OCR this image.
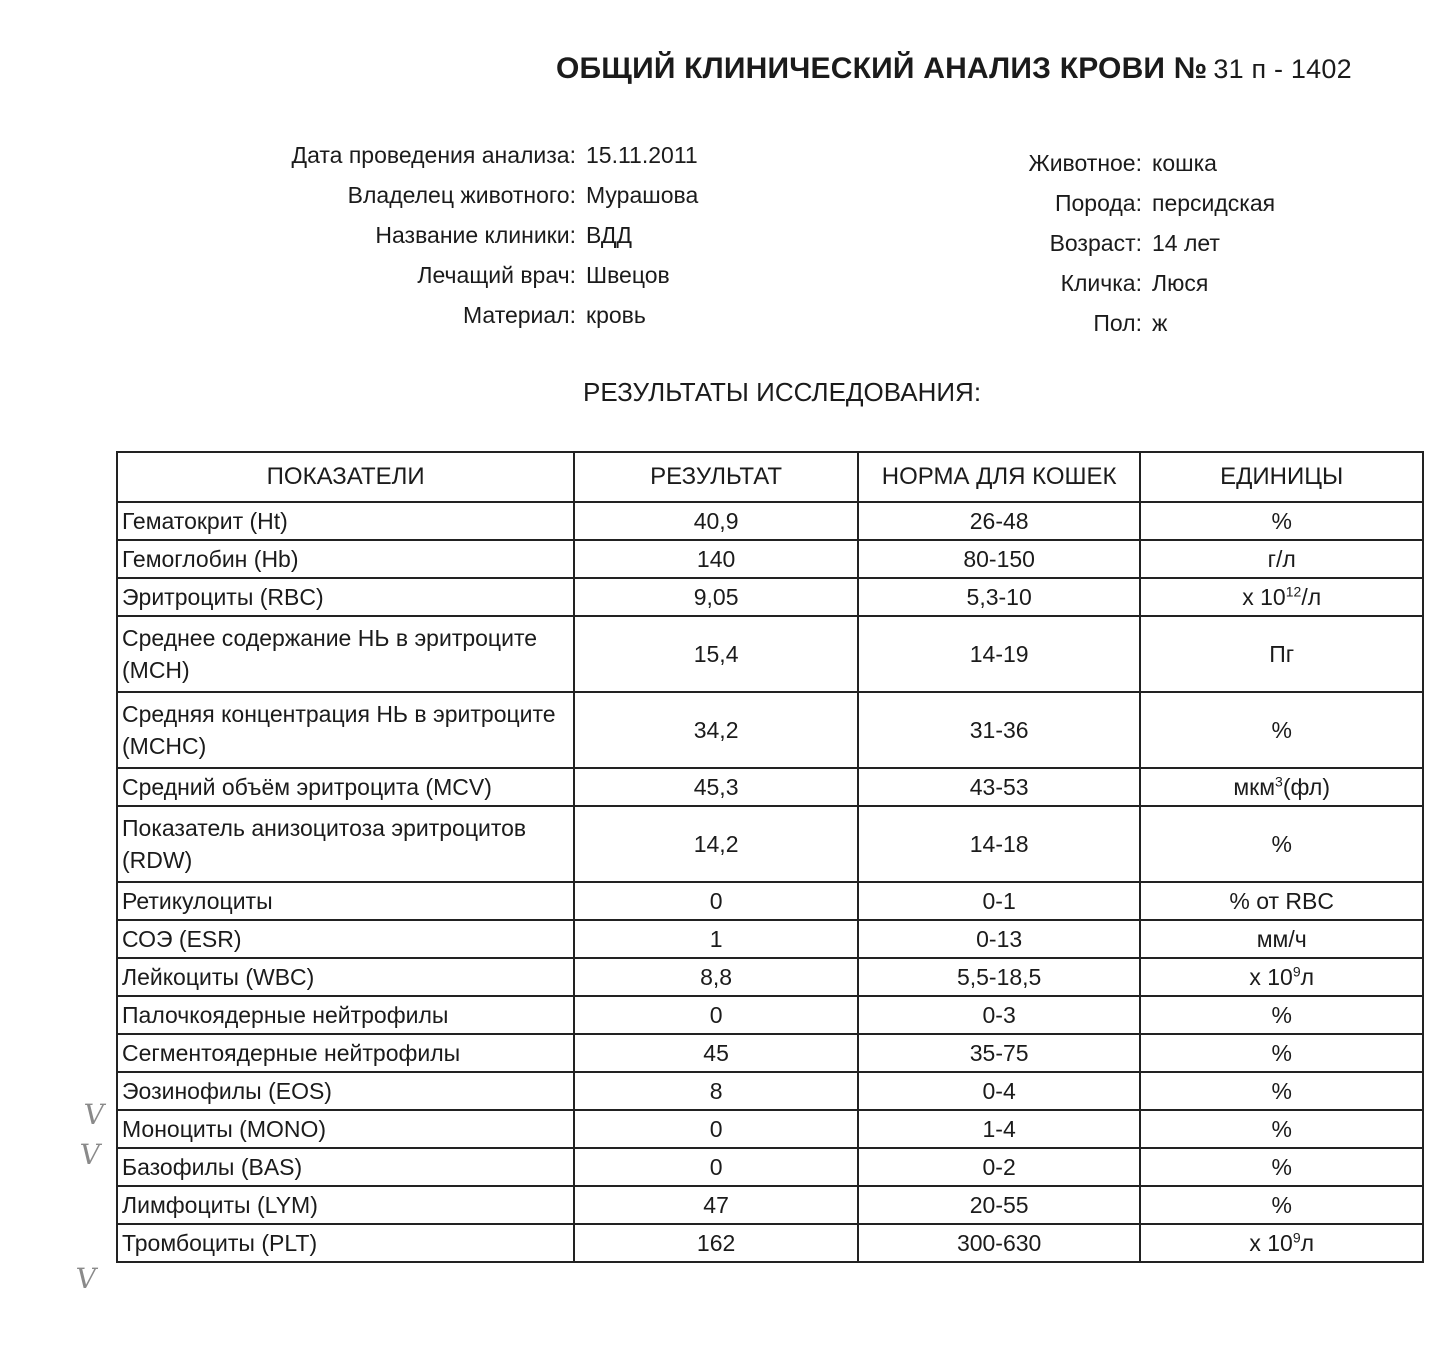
ОБЩИЙ КЛИНИЧЕСКИЙ АНАЛИЗ КРОВИ № 31 п - 1402
Дата проведения анализа: 15.11.2011
Владелец животного: Мурашова
Название клиники: ВДД
Лечащий врач: Швецов
Материал: кровь
Животное: кошка
Порода: персидская
Возраст: 14 лет
Кличка: Люся
Пол: ж
РЕЗУЛЬТАТЫ ИССЛЕДОВАНИЯ:
ПОКАЗАТЕЛИ	РЕЗУЛЬТАТ	НОРМА ДЛЯ КОШЕК	ЕДИНИЦЫ
Гематокрит (Ht)	40,9	26-48	%
Гемоглобин (Hb)	140	80-150	г/л
Эритроциты (RBC)	9,05	5,3-10	x $10^{12}/л$
Среднее содержание НЬ в эритроците (MCH)	15,4	14-19	Пг
Средняя концентрация НЬ в эритроците (MCHC)	34,2	31-36	%
Средний объём эритроцита (MCV)	45,3	43-53	мкм$^3$(фл)
Показатель анизоцитоза эритроцитов (RDW)	14,2	14-18	%
Ретикулоциты	0	0-1	% от RBC
СОЭ (ESR)	1	0-13	мм/ч
Лейкоциты (WBC)	8,8	5,5-18,5	x $10^9л$
Палочкоядерные нейтрофилы	0	0-3	%
Сегментоядерные нейтрофилы	45	35-75	%
Эозинофилы (EOS)	8	0-4	%
Моноциты (MONO)	0	1-4	%
Базофилы (BAS)	0	0-2	%
Лимфоциты (LYM)	47	20-55	%
Тромбоциты (PLT)	162	300-630	x $10^9л$
V
V
V
